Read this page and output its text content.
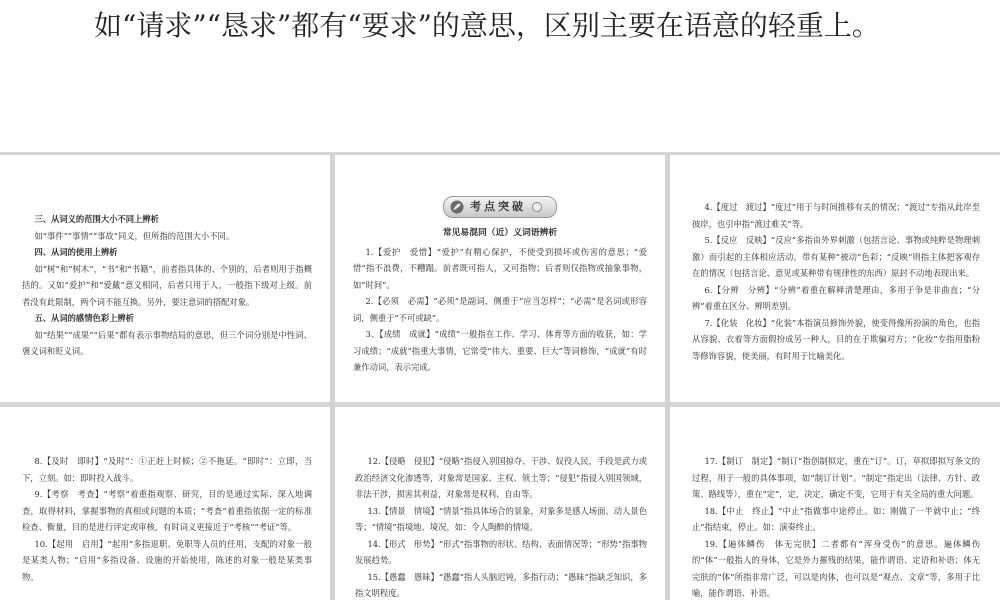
如“请求”“恳求”都有“要求”的意思，区别主要在语意的轻重上。

三、从词义的范围大小不同上辨析

如“事件”“事情”“事故”同义，但所指的范围大小不同。

四、从词的使用上辨析

如“树”和“树木”，“书”和“书籍”，前者指具体的、个别的，后者则用于指概括的。又如“爱护”和“爱戴”意义相同，后者只用于人，一般指下级对上级。前者没有此限制，两个词不能互换。另外，要注意词的搭配对象。

五、从词的感情色彩上辨析

如“结果”“成果”“后果”都有表示事物结局的意思，但三个词分别是中性词、褒义词和贬义词。

考点突破

常见易混同（近）义词语辨析

1.【爱护　爱惜】“爱护”有精心保护，不使受到损坏或伤害的意思；“爱惜”指不浪费，不糟蹋。前者既可指人，又可指物；后者则仅指物或抽象事物，如“时间”。

2.【必须　必需】“必须”是副词，侧重于“应当怎样”；“必需”是名词或形容词，侧重于“不可或缺”。

3、【成绩　成就】“成绩”一般指在工作、学习、体育等方面的收获，如：学习成绩；“成就”指重大事情，它常受“伟大、重要、巨大”等词修饰，“成就”有时兼作动词，表示完成。

4.【度过　渡过】“度过”用于与时间推移有关的情况；“渡过”专指从此岸至彼岸，也引申指“渡过难关”等。

5.【反应　反映】“反应”多指由外界刺激（包括言论、事物或纯粹是物理刺激）而引起的主体相应活动，带有某种“被动”色彩；“反映”则指主体把客观存在的情况（包括言论、意见或某种带有规律性的东西）原封不动地表现出来。

6.【分辨　分辨】“分辨”着重在解释清楚理由，多用于争是非曲直；“分辨”着重在区分、辨明差别。

7.【化装　化妆】“化装”本指演员修饰外貌，使变得像所扮演的角色，也指从容貌、衣着等方面假扮成另一种人，目的在于欺骗对方；“化妆”专指用脂粉等修饰容貌，使美丽，有时用于比喻美化。

8.【及时　即时】“及时”：①正赶上时候；②不拖延。“即时”：立即，当下，立刻。如：即时投入战斗。

9.【考察　考查】“考察”着重指观察、研究，目的是通过实际、深入地调查，取得材料，掌握事物的真相或问题的本质；“考查”着重指依据一定的标准检查、衡量，目的是进行评定或审核，有时词义更接近于“考核”“考证”等。

10.【起用　启用】“起用”多指退职、免职等人员的任用，支配的对象一般是某类人物；“启用”多指设备、设施的开始使用，陈述的对象一般是某类事物。

12.【侵略　侵犯】“侵略”指侵入别国掠夺、干涉、奴役人民，手段是武力或政治经济文化渗透等，对象常是国家、主权、领土等；“侵犯”指侵入别国领域，非法干涉，损害其利益，对象常是权利、自由等。

13.【情景　情境】“情景”指具体场合的景象，对象多是感人场面、动人景色等；“情境”指境地、境况，如：令人陶醉的情境。

14.【形式　形势】“形式”指事物的形状、结构、表面情况等；“形势”指事物发展趋势。

15.【愚蠢　愚昧】“愚蠢”指人头脑迟钝，多指行动；“愚昧”指缺乏知识，多指文明程度。

17.【制订　制定】“制订”指创制拟定，重在“订”。订，草拟即拟写条文的过程，用于一般的具体事项，如“制订计划”。“制定”指定出（法律、方针、政策、路线等），重在“定”，定，决定，确定不变，它用于有关全局的重大问题。

18.【中止　终止】“中止”指做事中途停止。如：刚做了一半就中止；“终止”指结束，停止。如：演奏终止。

19.【遍体鳞伤　体无完肤】二者都有“浑身受伤”的意思。遍体鳞伤的“体”一般指人的身体，它是外力摧残的结果，能作谓语、定语和补语；体无完肤的“体”所指非常广泛，可以是肉体，也可以是“观点、文章”等，多用于比喻，能作谓语、补语。
